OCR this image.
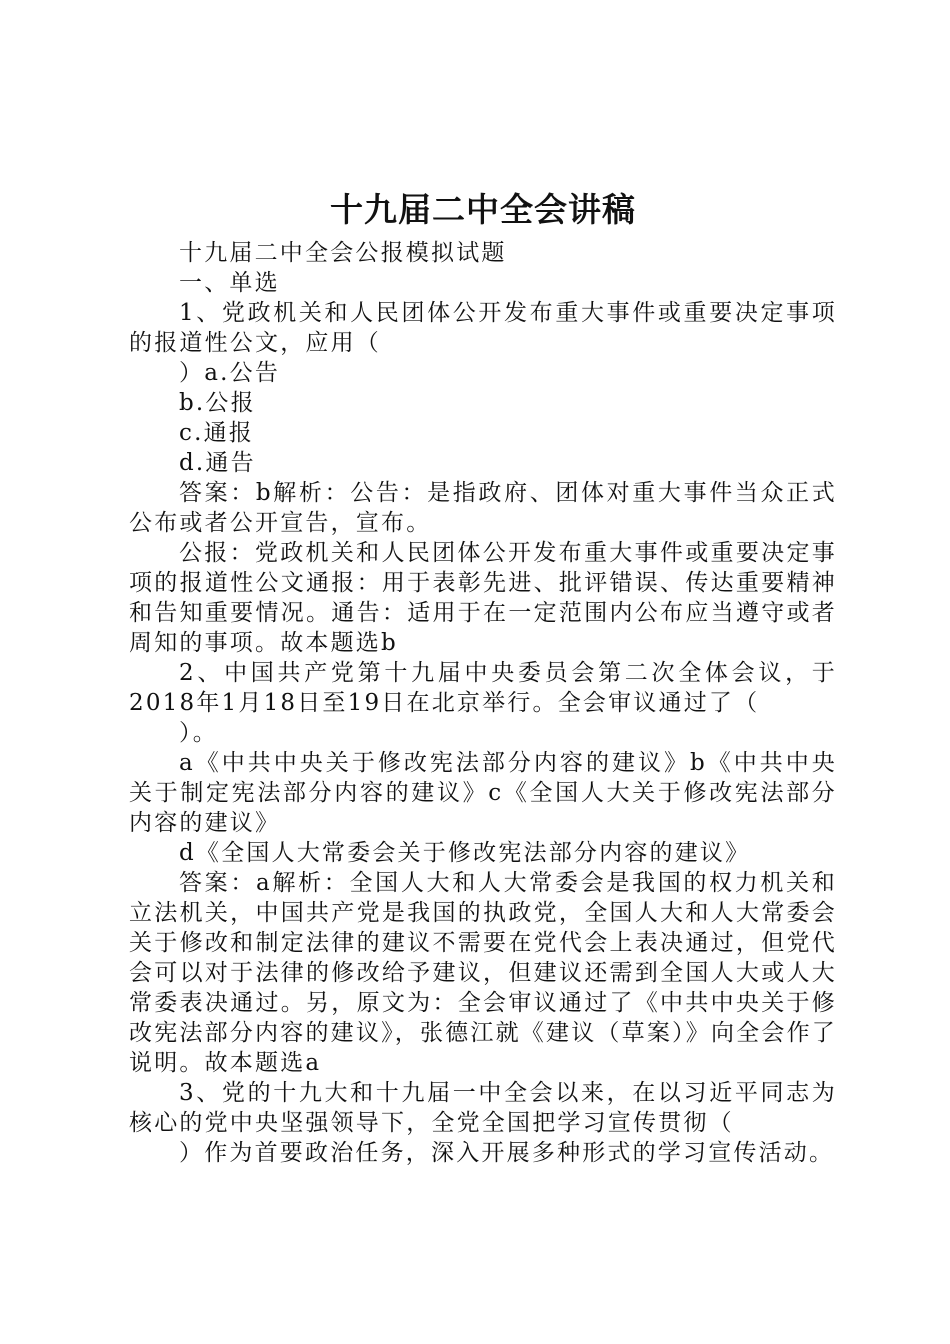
十九届二中全会讲稿

十九届二中全会公报模拟试题

一、单选

1、党政机关和人民团体公开发布重大事件或重要决定事项的报道性公文，应用（

）a.公告

b.公报

c.通报

d.通告

答案：b解析：公告：是指政府、团体对重大事件当众正式公布或者公开宣告，宣布。

公报：党政机关和人民团体公开发布重大事件或重要决定事项的报道性公文通报：用于表彰先进、批评错误、传达重要精神和告知重要情况。通告：适用于在一定范围内公布应当遵守或者周知的事项。故本题选b

2、中国共产党第十九届中央委员会第二次全体会议，于2018年1月18日至19日在北京举行。全会审议通过了（

）。

a《中共中央关于修改宪法部分内容的建议》b《中共中央关于制定宪法部分内容的建议》c《全国人大关于修改宪法部分内容的建议》

d《全国人大常委会关于修改宪法部分内容的建议》

答案：a解析：全国人大和人大常委会是我国的权力机关和立法机关，中国共产党是我国的执政党，全国人大和人大常委会关于修改和制定法律的建议不需要在党代会上表决通过，但党代会可以对于法律的修改给予建议，但建议还需到全国人大或人大常委表决通过。另，原文为：全会审议通过了《中共中央关于修改宪法部分内容的建议》，张德江就《建议（草案）》向全会作了说明。故本题选a

3、党的十九大和十九届一中全会以来，在以习近平同志为核心的党中央坚强领导下，全党全国把学习宣传贯彻（

）作为首要政治任务，深入开展多种形式的学习宣传活动。
